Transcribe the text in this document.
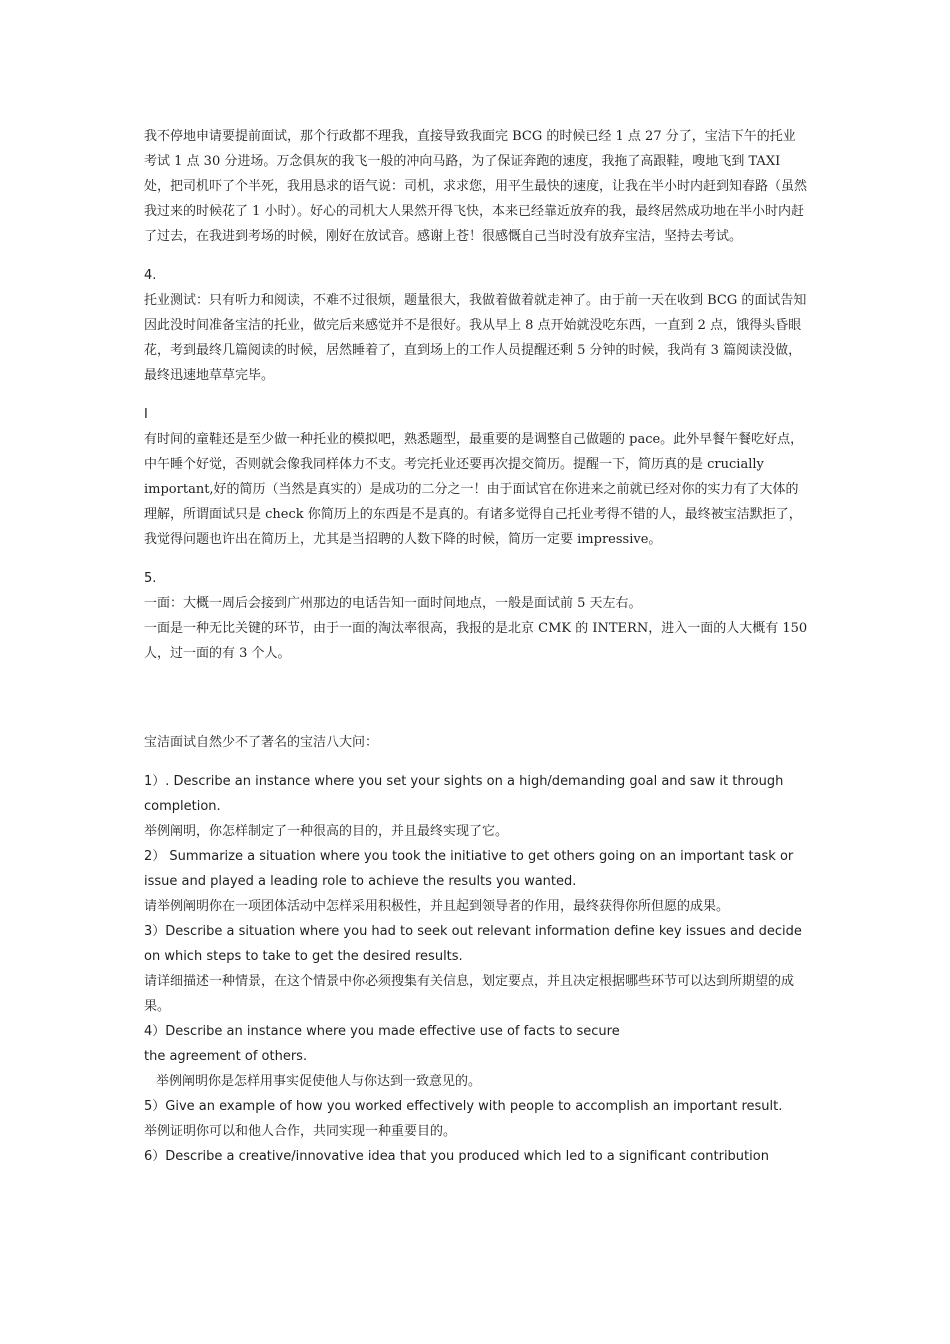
我不停地申请要提前面试，那个行政都不理我，直接导致我面完 BCG 的时候已经 1 点 27 分了，宝洁下午的托业考试 1 点 30 分进场。万念俱灰的我飞一般的冲向马路，为了保证奔跑的速度，我拖了高跟鞋，嗖地飞到 TAXI 处，把司机吓了个半死，我用恳求的语气说：司机，求求您，用平生最快的速度，让我在半小时内赶到知春路（虽然我过来的时候花了 1 小时）。好心的司机大人果然开得飞快，本来已经靠近放弃的我，最终居然成功地在半小时内赶了过去，在我进到考场的时候，刚好在放试音。感谢上苍！很感慨自己当时没有放弃宝洁，坚持去考试。

4.

托业测试：只有听力和阅读，不难不过很烦，题量很大，我做着做着就走神了。由于前一天在收到 BCG 的面试告知因此没时间准备宝洁的托业，做完后来感觉并不是很好。我从早上 8 点开始就没吃东西，一直到 2 点，饿得头昏眼花，考到最终几篇阅读的时候，居然睡着了，直到场上的工作人员提醒还剩 5 分钟的时候，我尚有 3 篇阅读没做，最终迅速地草草完毕。

I

有时间的童鞋还是至少做一种托业的模拟吧，熟悉题型，最重要的是调整自己做题的 pace。此外早餐午餐吃好点，中午睡个好觉，否则就会像我同样体力不支。考完托业还要再次提交简历。提醒一下，简历真的是 crucially important,好的简历（当然是真实的）是成功的二分之一！由于面试官在你进来之前就已经对你的实力有了大体的理解，所谓面试只是 check 你简历上的东西是不是真的。有诸多觉得自己托业考得不错的人，最终被宝洁默拒了，我觉得问题也许出在简历上，尤其是当招聘的人数下降的时候，简历一定要 impressive。

5.

一面：大概一周后会接到广州那边的电话告知一面时间地点，一般是面试前 5 天左右。

一面是一种无比关键的环节，由于一面的淘汰率很高，我报的是北京 CMK 的 INTERN，进入一面的人大概有 150 人，过一面的有 3 个人。

宝洁面试自然少不了著名的宝洁八大问：

1）. Describe an instance where you set your sights on a high/demanding goal and saw it through completion.

举例阐明，你怎样制定了一种很高的目的，并且最终实现了它。

2） Summarize a situation where you took the initiative to get others going on an important task or issue and played a leading role to achieve the results you wanted.

请举例阐明你在一项团体活动中怎样采用积极性，并且起到领导者的作用，最终获得你所但愿的成果。

3）Describe a situation where you had to seek out relevant information define key issues and decide on which steps to take to get the desired results.

请详细描述一种情景，在这个情景中你必须搜集有关信息，划定要点，并且决定根据哪些环节可以达到所期望的成果。

4）Describe an instance where you made effective use of facts to secure

the agreement of others.

举例阐明你是怎样用事实促使他人与你达到一致意见的。

5）Give an example of how you worked effectively with people to accomplish an important result.

举例证明你可以和他人合作，共同实现一种重要目的。

6）Describe a creative/innovative idea that you produced which led to a significant contribution
